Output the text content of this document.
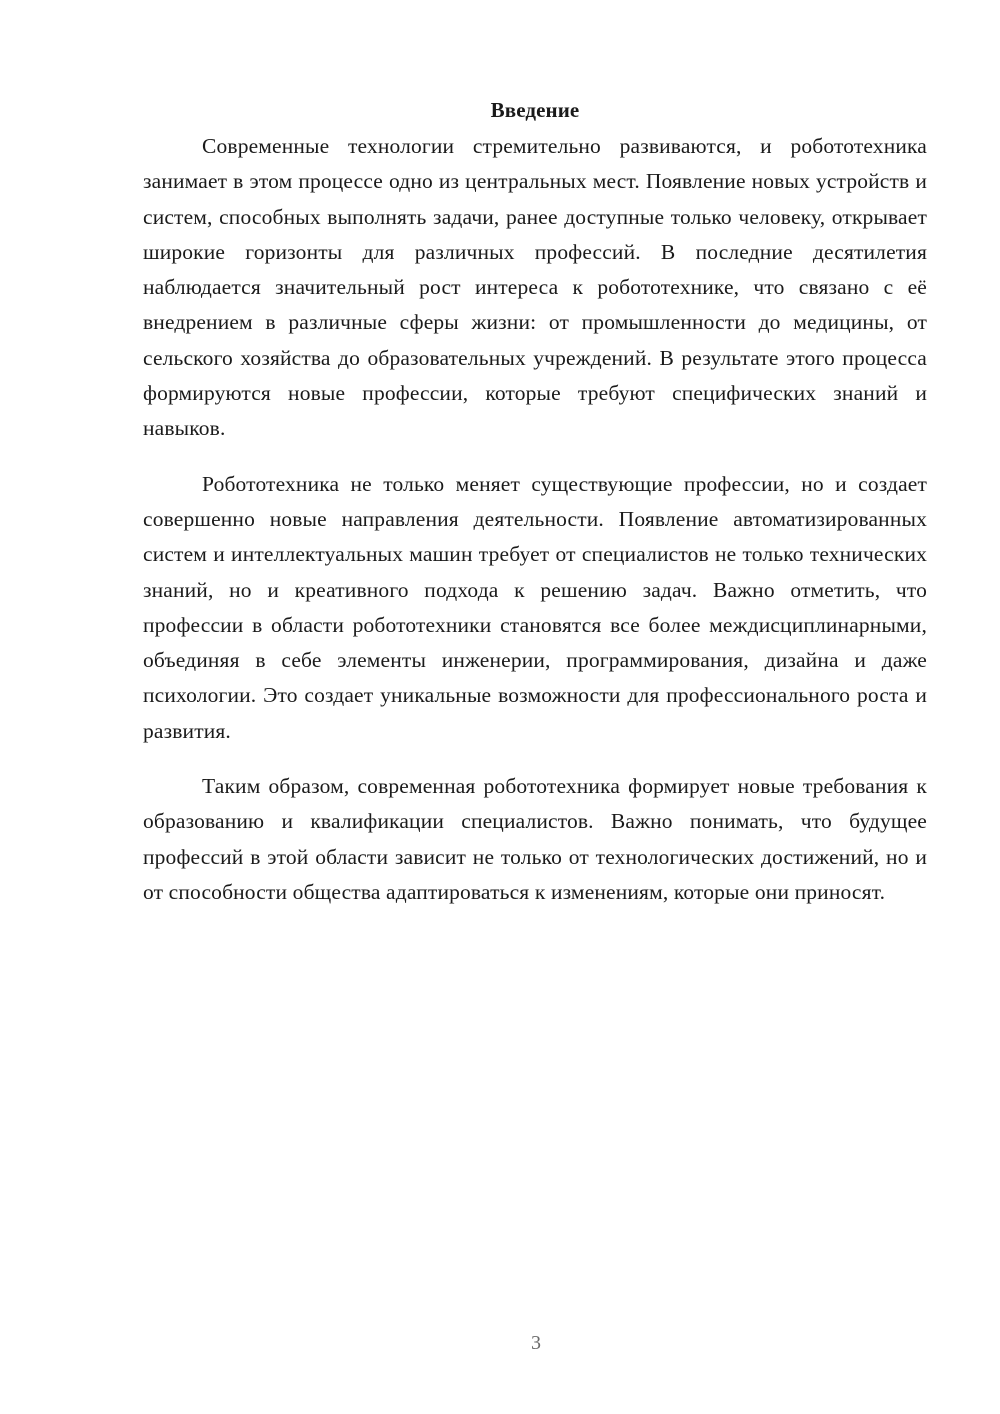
Введение

Современные технологии стремительно развиваются, и робототехника занимает в этом процессе одно из центральных мест. Появление новых устройств и систем, способных выполнять задачи, ранее доступные только человеку, открывает широкие горизонты для различных профессий. В последние десятилетия наблюдается значительный рост интереса к робототехнике, что связано с её внедрением в различные сферы жизни: от промышленности до медицины, от сельского хозяйства до образовательных учреждений. В результате этого процесса формируются новые профессии, которые требуют специфических знаний и навыков.

Робототехника не только меняет существующие профессии, но и создает совершенно новые направления деятельности. Появление автоматизированных систем и интеллектуальных машин требует от специалистов не только технических знаний, но и креативного подхода к решению задач. Важно отметить, что профессии в области робототехники становятся все более междисциплинарными, объединяя в себе элементы инженерии, программирования, дизайна и даже психологии. Это создает уникальные возможности для профессионального роста и развития.

Таким образом, современная робототехника формирует новые требования к образованию и квалификации специалистов. Важно понимать, что будущее профессий в этой области зависит не только от технологических достижений, но и от способности общества адаптироваться к изменениям, которые они приносят.

3
